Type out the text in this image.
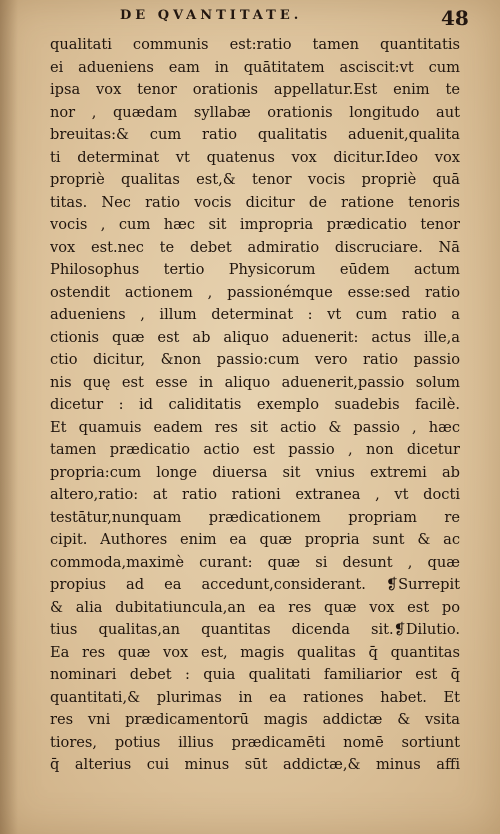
DE QVANTITATE.	48
qualitati communis est:ratio tamen quantitatis
ei adueniens eam in quātitatem asciscit:vt cum
ipsa vox tenor orationis appellatur.Est enim te
nor , quædam syllabæ orationis longitudo aut
breuitas:& cum ratio qualitatis aduenit,qualita
ti determinat vt quatenus vox dicitur.Ideo vox
propriè qualitas est,& tenor vocis propriè quā
titas. Nec ratio vocis dicitur de ratione tenoris
vocis , cum hæc sit impropria prædicatio tenor
vox est.nec te debet admiratio discruciare. Nā
Philosophus tertio Physicorum eūdem actum
ostendit actionem , passionémque esse:sed ratio
adueniens , illum determinat : vt cum ratio a
ctionis quæ est ab aliquo aduenerit: actus ille,a
ctio dicitur, &non passio:cum vero ratio passio
nis quę est esse in aliquo aduenerit,passio solum
dicetur : id caliditatis exemplo suadebis facilè.
Et quamuis eadem res sit actio & passio , hæc
tamen prædicatio actio est passio , non dicetur
propria:cum longe diuersa sit vnius extremi ab
altero,ratio: at ratio rationi extranea , vt docti
testātur,nunquam prædicationem propriam re
cipit. Authores enim ea quæ propria sunt & ac
commoda,maximè curant: quæ si desunt , quæ
propius ad ea accedunt,considerant. ❡Surrepit
& alia dubitatiuncula,an ea res quæ vox est po
tius qualitas,an quantitas dicenda sit.❡Dilutio.
Ea res quæ vox est, magis qualitas q̄ quantitas
nominari debet : quia qualitati familiarior est q̄
quantitati,& plurimas in ea rationes habet. Et
res vni prædicamentorū magis addictæ & vsita
tiores, potius illius prædicamēti nomē sortiunt
q̄ alterius cui minus sūt addictæ,& minus affi
